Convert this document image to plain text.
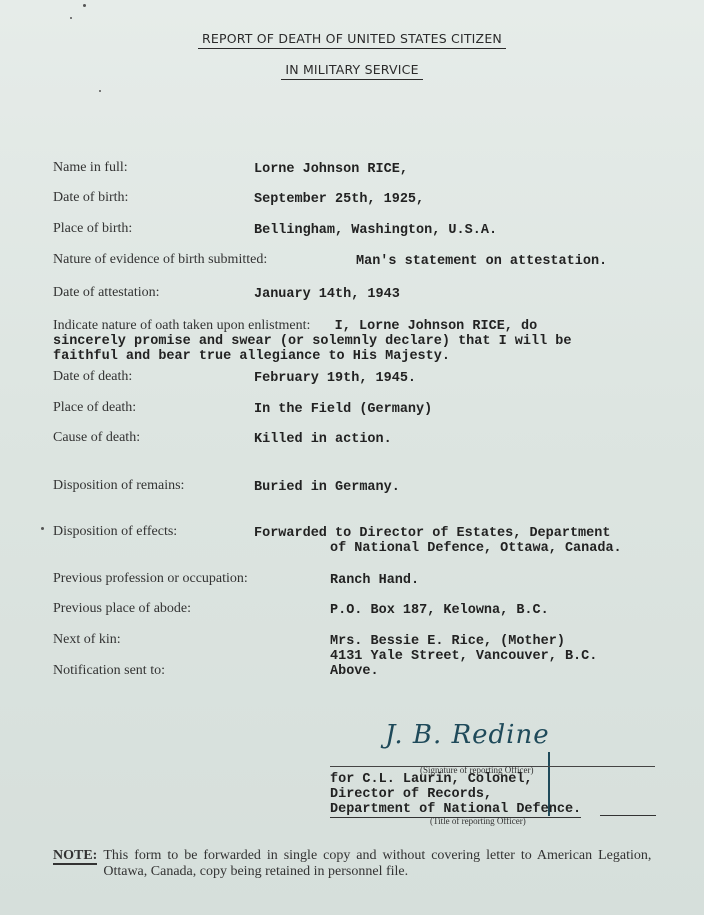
REPORT OF DEATH OF UNITED STATES CITIZEN
IN MILITARY SERVICE
Name in full:	Lorne Johnson RICE,
Date of birth:	September 25th, 1925,
Place of birth:	Bellingham, Washington, U.S.A.
Nature of evidence of birth submitted:	Man's statement on attestation.
Date of attestation:	January 14th, 1943
Indicate nature of oath taken upon enlistment:   I, Lorne Johnson RICE, do
sincerely promise and swear (or solemnly declare) that I will be
faithful and bear true allegiance to His Majesty.
Date of death:	February 19th, 1945.
Place of death:	In the Field (Germany)
Cause of death:	Killed in action.
Disposition of remains:	Buried in Germany.
Disposition of effects:	Forwarded to Director of Estates, Department
of National Defence, Ottawa, Canada.
Previous profession or occupation:	Ranch Hand.
Previous place of abode:	P.O. Box 187, Kelowna, B.C.
Next of kin:	Mrs. Bessie E. Rice, (Mother)
4131 Yale Street, Vancouver, B.C.
Notification sent to:	Above.
J. B. Redine
(Signature of reporting Officer)
for C.L. Laurin, Colonel,
Director of Records,
Department of National Defence.
(Title of reporting Officer)
NOTE: This form to be forwarded in single copy and without covering letter to American Legation, Ottawa, Canada, copy being retained in personnel file.
